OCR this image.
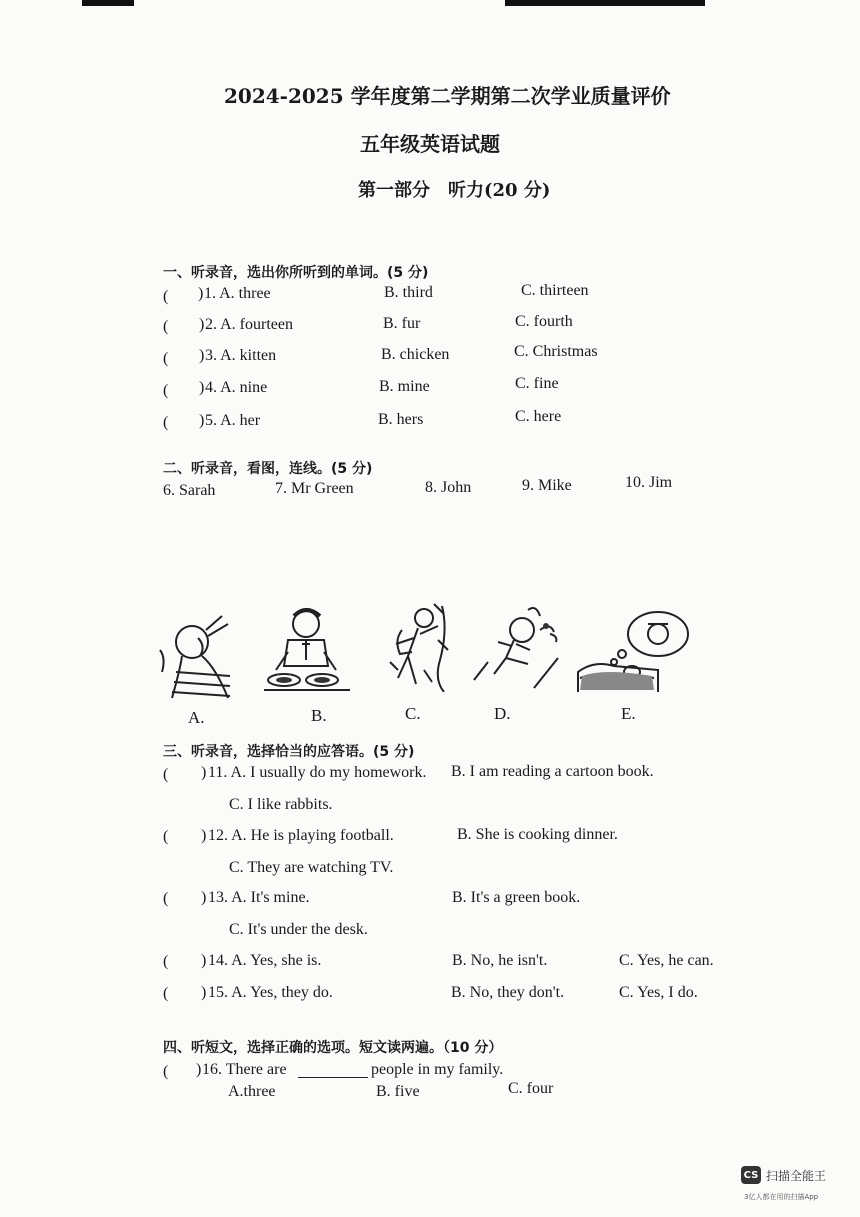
2024-2025 学年度第二学期第二次学业质量评价
五年级英语试题
第一部分　听力(20 分)
一、听录音，选出你所听到的单词。(5 分)
( ) 1. A. three	B. third	C. thirteen
( ) 2. A. fourteen	B. fur	C. fourth
( ) 3. A. kitten	B. chicken	C. Christmas
( ) 4. A. nine	B. mine	C. fine
( ) 5. A. her	B. hers	C. here
二、听录音，看图，连线。(5 分)
6. Sarah	7. Mr Green	8. John	9. Mike	10. Jim
A.	B.	C.	D.	E.
三、听录音，选择恰当的应答语。(5 分)
( ) 11. A. I usually do my homework. B. I am reading a cartoon book.
C. I like rabbits.
( ) 12. A. He is playing football.	B. She is cooking dinner.
C. They are watching TV.
( ) 13. A. It's mine.	B. It's a green book.
C. It's under the desk.
( ) 14. A. Yes, she is.	B. No, he isn't.	C. Yes, he can.
( ) 15. A. Yes, they do.	B. No, they don't.	C. Yes, I do.
四、听短文，选择正确的选项。短文读两遍。（10 分）
( ) 16. There are	people in my family.
A.three	B. five	C. four
CS 扫描全能王
3亿人都在用的扫描App
